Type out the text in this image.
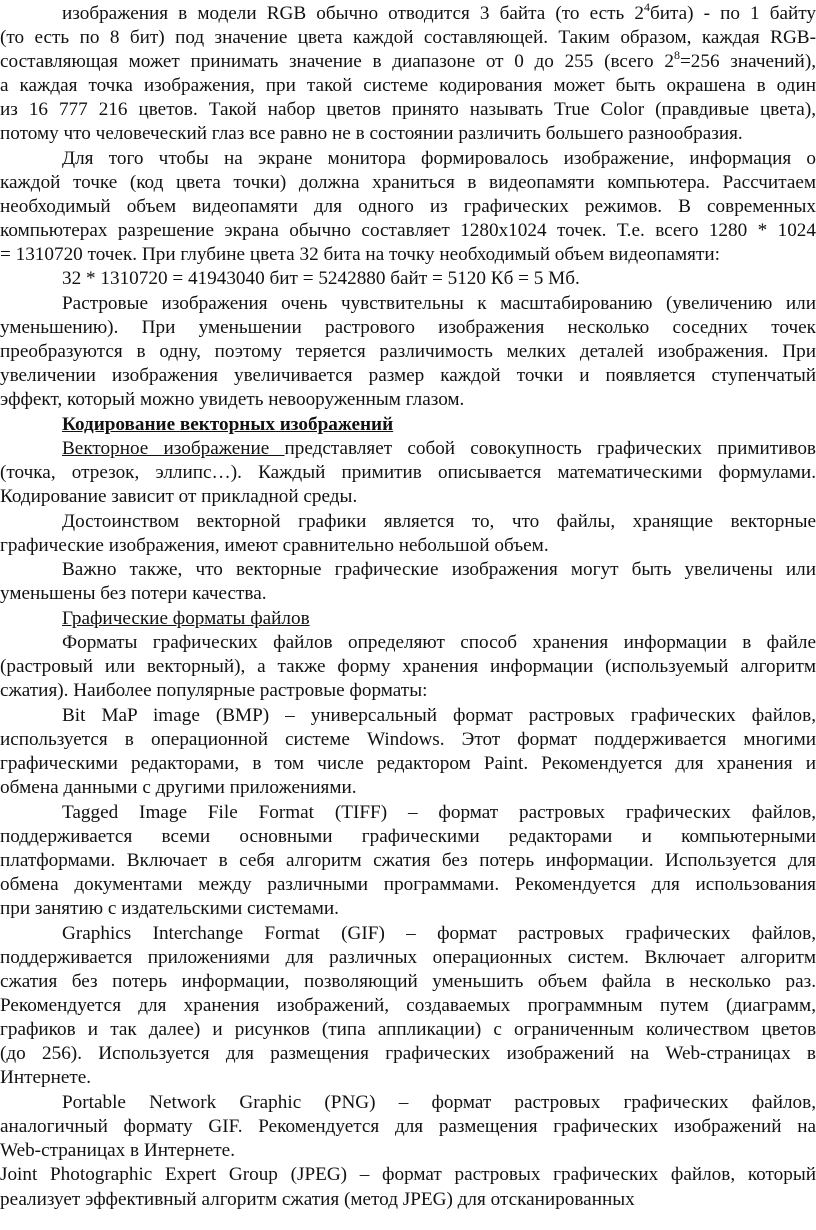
изображения в модели RGB обычно отводится 3 байта (то есть $2^4бита$) - по 1 байту
(то есть по 8 бит) под значение цвета каждой составляющей. Таким образом, каждая RGB-
составляющая может принимать значение в диапазоне от 0 до 255 (всего $2^8=256$ значений),
а каждая точка изображения, при такой системе кодирования может быть окрашена в один
из 16 777 216 цветов. Такой набор цветов принято называть True Color (правдивые цвета),
потому что человеческий глаз все равно не в состоянии различить большего разнообразия.
Для того чтобы на экране монитора формировалось изображение, информация о
каждой точке (код цвета точки) должна храниться в видеопамяти компьютера. Рассчитаем
необходимый объем видеопамяти для одного из графических режимов. В современных
компьютерах разрешение экрана обычно составляет 1280х1024 точек. Т.е. всего 1280 * 1024
= 1310720 точек. При глубине цвета 32 бита на точку необходимый объем видеопамяти:
32 * 1310720 = 41943040 бит = 5242880 байт = 5120 Кб = 5 Мб.
Растровые изображения очень чувствительны к масштабированию (увеличению или
уменьшению). При уменьшении растрового изображения несколько соседних точек
преобразуются в одну, поэтому теряется различимость мелких деталей изображения. При
увеличении изображения увеличивается размер каждой точки и появляется ступенчатый
эффект, который можно увидеть невооруженным глазом.
Кодирование векторных изображений
Векторное изображение представляет собой совокупность графических примитивов
(точка, отрезок, эллипс…). Каждый примитив описывается математическими формулами.
Кодирование зависит от прикладной среды.
Достоинством векторной графики является то, что файлы, хранящие векторные
графические изображения, имеют сравнительно небольшой объем.
Важно также, что векторные графические изображения могут быть увеличены или
уменьшены без потери качества.
Графические форматы файлов
Форматы графических файлов определяют способ хранения информации в файле
(растровый или векторный), а также форму хранения информации (используемый алгоритм
сжатия). Наиболее популярные растровые форматы:
Bit MaP image (BMP) – универсальный формат растровых графических файлов,
используется в операционной системе Windows. Этот формат поддерживается многими
графическими редакторами, в том числе редактором Paint. Рекомендуется для хранения и
обмена данными с другими приложениями.
Tagged Image File Format (TIFF) – формат растровых графических файлов,
поддерживается всеми основными графическими редакторами и компьютерными
платформами. Включает в себя алгоритм сжатия без потерь информации. Используется для
обмена документами между различными программами. Рекомендуется для использования
при занятию с издательскими системами.
Graphics Interchange Format (GIF) – формат растровых графических файлов,
поддерживается приложениями для различных операционных систем. Включает алгоритм
сжатия без потерь информации, позволяющий уменьшить объем файла в несколько раз.
Рекомендуется для хранения изображений, создаваемых программным путем (диаграмм,
графиков и так далее) и рисунков (типа аппликации) с ограниченным количеством цветов
(до 256). Используется для размещения графических изображений на Web-страницах в
Интернете.
Portable Network Graphic (PNG) – формат растровых графических файлов,
аналогичный формату GIF. Рекомендуется для размещения графических изображений на
Web-страницах в Интернете.
Joint Photographic Expert Group (JPEG) – формат растровых графических файлов, который
реализует эффективный алгоритм сжатия (метод JPEG) для отсканированных
